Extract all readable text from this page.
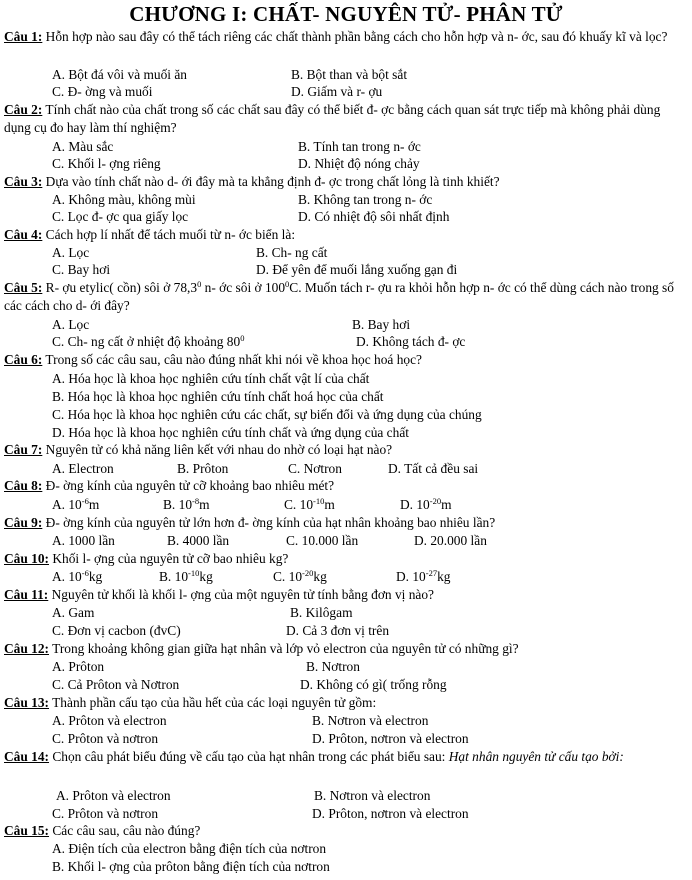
CHƯƠNG I: CHẤT- NGUYÊN TỬ- PHÂN TỬ
Câu 1: Hỗn hợp nào sau đây có thể tách riêng các chất thành phần bằng cách cho hỗn hợp và n- ớc, sau đó khuấy kĩ và lọc?
A. Bột đá vôi và muối ăn	B. Bột than và bột sắt
C. Đ- ờng và muối	D. Giấm và r- ợu
Câu 2: Tính chất nào của chất trong số các chất sau đây có thể biết đ- ợc bằng cách quan sát trực tiếp mà không phải dùng dụng cụ đo hay làm thí nghiệm?
A. Màu sắc	B. Tính tan trong n- ớc
C. Khối l- ợng riêng	D. Nhiệt độ nóng chảy
Câu 3: Dựa vào tính chất nào d- ới đây mà ta khẳng định đ- ợc trong chất lỏng là tinh khiết?
A. Không màu, không mùi	B. Không tan trong n- ớc
C. Lọc đ- ợc qua giấy lọc	D. Có nhiệt độ sôi nhất định
Câu 4: Cách hợp lí nhất để tách muối từ n- ớc biển là:
A. Lọc	B. Ch- ng cất
C. Bay hơi	D. Để yên để muối lắng xuống gạn đi
Câu 5: R- ợu etylic( cồn) sôi ở 78,3$^0$ n- ớc sôi ở $100^0C$. Muốn tách r- ợu ra khỏi hỗn hợp n- ớc có thể dùng cách nào trong số các cách cho d- ới đây?
A. Lọc	B. Bay hơi
C. Ch- ng cất ở nhiệt độ khoảng $80^0$	D. Không tách đ- ợc
Câu 6: Trong số các câu sau, câu nào đúng nhất khi nói về khoa học hoá học?
A. Hóa học là khoa học nghiên cứu tính chất vật lí của chất
B. Hóa học là khoa học nghiên cứu tính chất hoá học của chất
C. Hóa học là khoa học nghiên cứu các chất, sự biến đổi và ứng dụng của chúng
D. Hóa học là khoa học nghiên cứu tính chất và ứng dụng của chất
Câu 7: Nguyên tử có khả năng liên kết với nhau do nhờ có loại hạt nào?
A. Electron	B. Prôton	C. Nơtron	D. Tất cả đều sai
Câu 8: Đ- ờng kính của nguyên tử cỡ khoảng bao nhiêu mét?
A. $10^{-6}m$	B. $10^{-8}m$	C. $10^{-10}m$	D. $10^{-20}m$
Câu 9: Đ- ờng kính của nguyên tử lớn hơn đ- ờng kính của hạt nhân khoảng bao nhiêu lần?
A. 1000 lần	B. 4000 lần	C. 10.000 lần	D. 20.000 lần
Câu 10: Khối l- ợng của nguyên tử cỡ bao nhiêu kg?
A. $10^{-6}kg$	B. $10^{-10}kg$	C. $10^{-20}kg$	D. $10^{-27}kg$
Câu 11: Nguyên tử khối là khối l- ợng của một nguyên tử tính bằng đơn vị nào?
A. Gam	B. Kilôgam
C. Đơn vị cacbon (đvC)	D. Cả 3 đơn vị trên
Câu 12: Trong khoảng không gian giữa hạt nhân và lớp vỏ electron của nguyên tử có những gì?
A. Prôton	B. Nơtron
C. Cả Prôton và Nơtron	D. Không có gì( trống rỗng
Câu 13: Thành phần cấu tạo của hầu hết của các loại nguyên tử gồm:
A. Prôton và electron	B. Nơtron và electron
C. Prôton và nơtron	D. Prôton, nơtron và electron
Câu 14: Chọn câu phát biểu đúng về cấu tạo của hạt nhân trong các phát biểu sau: Hạt nhân nguyên tử cấu tạo bởi:
A. Prôton và electron	B. Nơtron và electron
C. Prôton và nơtron	D. Prôton, nơtron và electron
Câu 15: Các câu sau, câu nào đúng?
A. Điện tích của electron bằng điện tích của nơtron
B. Khối l- ợng của prôton bằng điện tích của nơtron
